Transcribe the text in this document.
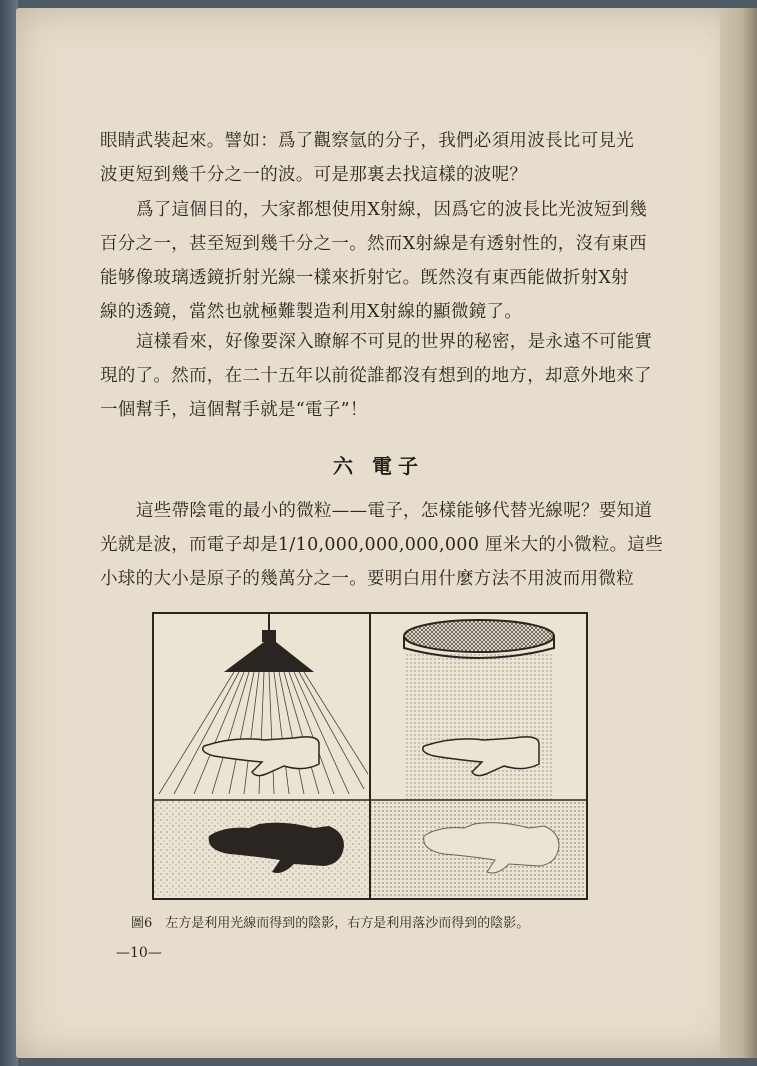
眼睛武裝起來。譬如：爲了觀察氫的分子，我們必須用波長比可見光
波更短到幾千分之一的波。可是那裏去找這樣的波呢？
爲了這個目的，大家都想使用X射線，因爲它的波長比光波短到幾
百分之一，甚至短到幾千分之一。然而X射線是有透射性的，沒有東西
能够像玻璃透鏡折射光線一樣來折射它。旣然沒有東西能做折射X射
線的透鏡，當然也就極難製造利用X射線的顯微鏡了。
這樣看來，好像要深入瞭解不可見的世界的秘密，是永遠不可能實
現的了。然而，在二十五年以前從誰都沒有想到的地方，却意外地來了
一個幫手，這個幫手就是“電子”！
六 電子
這些帶陰電的最小的微粒——電子，怎樣能够代替光線呢？要知道
光就是波，而電子却是1/10,000,000,000,000 厘米大的小微粒。這些
小球的大小是原子的幾萬分之一。要明白用什麼方法不用波而用微粒
圖6　左方是利用光線而得到的陰影，右方是利用落沙而得到的陰影。
—10—
